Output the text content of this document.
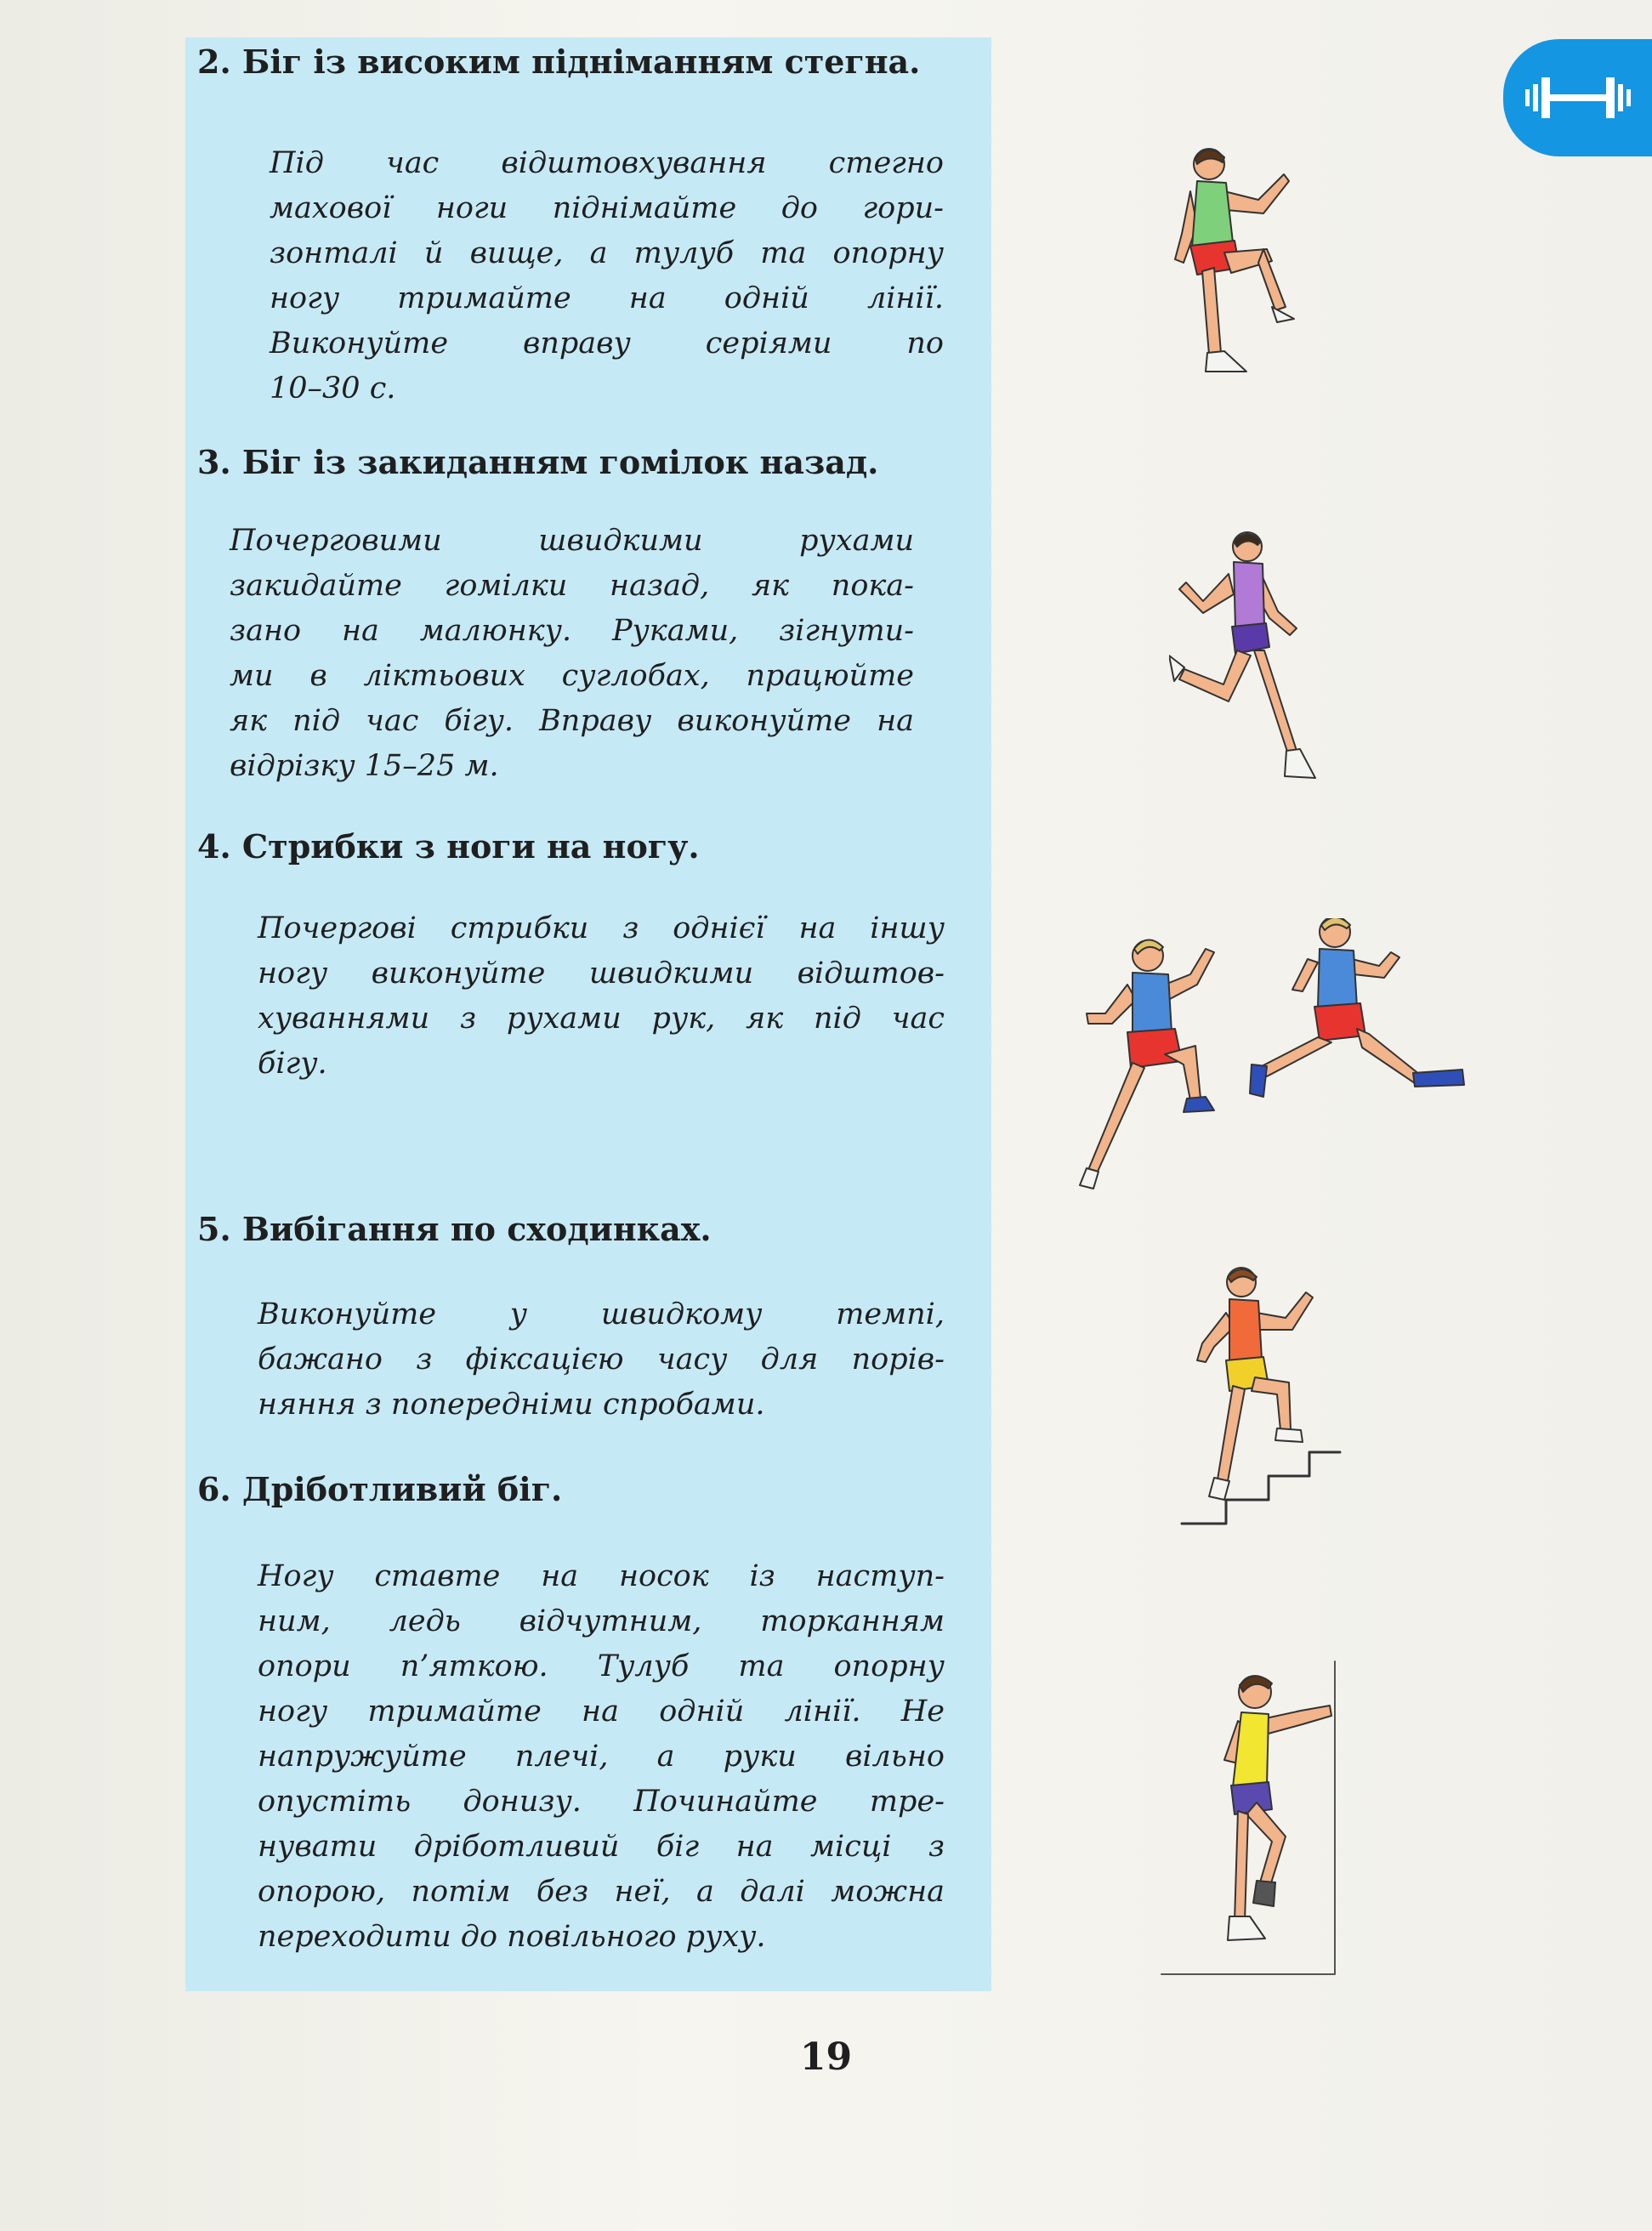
2. Біг із високим підніманням стегна.
Під час відштовхування стегно
махової ноги піднімайте до гори-
зонталі й вище, а тулуб та опорну
ногу тримайте на одній лінії.
Виконуйте вправу серіями по
10–30 с.
3. Біг із закиданням гомілок назад.
Почерговими швидкими рухами
закидайте гомілки назад, як пока-
зано на малюнку. Руками, зігнути-
ми в ліктьових суглобах, працюйте
як під час бігу. Вправу виконуйте на
відрізку 15–25 м.
4. Стрибки з ноги на ногу.
Почергові стрибки з однієї на іншу
ногу виконуйте швидкими відштов-
хуваннями з рухами рук, як під час
бігу.
5. Вибігання по сходинках.
Виконуйте у швидкому темпі,
бажано з фіксацією часу для порів-
няння з попередніми спробами.
6. Дріботливий біг.
Ногу ставте на носок із наступ-
ним, ледь відчутним, торканням
опори п’яткою. Тулуб та опорну
ногу тримайте на одній лінії. Не
напружуйте плечі, а руки вільно
опустіть донизу. Починайте тре-
нувати дріботливий біг на місці з
опорою, потім без неї, а далі можна
переходити до повільного руху.
19
